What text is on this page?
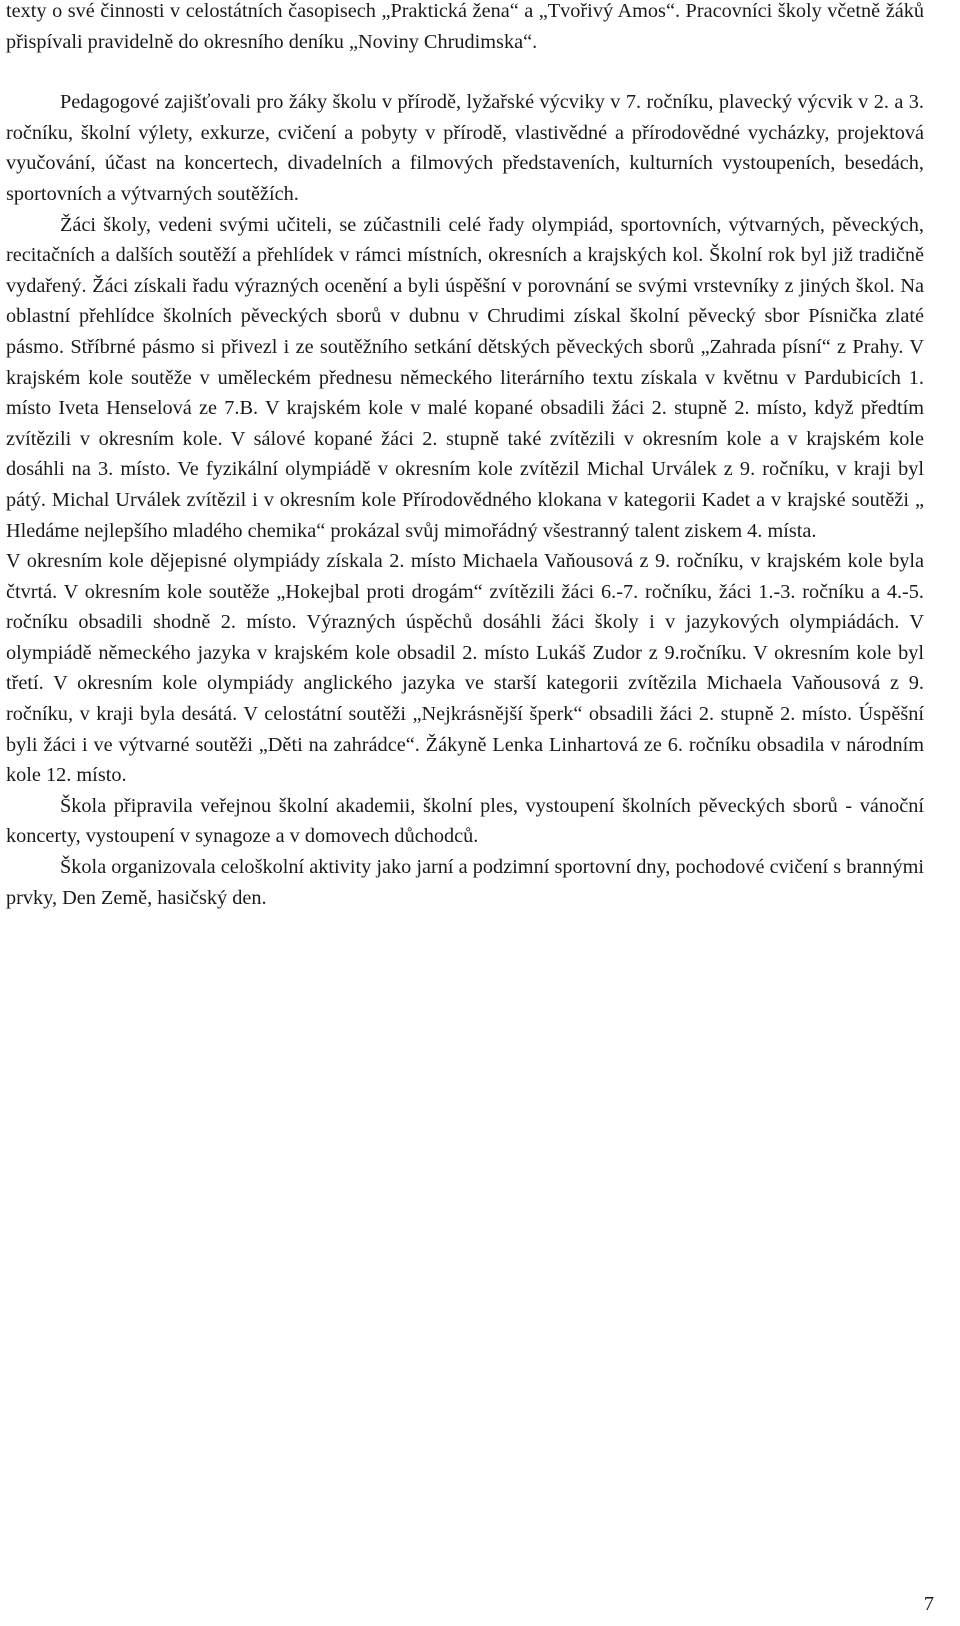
texty o své činnosti v celostátních časopisech „Praktická žena“ a „Tvořivý Amos“. Pracovníci školy včetně žáků přispívali pravidelně do okresního deníku „Noviny Chrudimska“.

Pedagogové zajišťovali pro žáky školu v přírodě, lyžařské výcviky v 7. ročníku, plavecký výcvik v 2. a 3. ročníku, školní výlety, exkurze, cvičení a pobyty v přírodě, vlastivědné a přírodovědné vycházky, projektová vyučování, účast na koncertech, divadelních a filmových představeních, kulturních vystoupeních, besedách, sportovních a výtvarných soutěžích.

Žáci školy, vedeni svými učiteli, se zúčastnili celé řady olympiád, sportovních, výtvarných, pěveckých, recitačních a dalších soutěží a přehlídek v rámci místních, okresních a krajských kol. Školní rok byl již tradičně vydařený. Žáci získali řadu výrazných ocenění a byli úspěšní v porovnání se svými vrstevníky z jiných škol. Na oblastní přehlídce školních pěveckých sborů v dubnu v Chrudimi získal školní pěvecký sbor Písnička zlaté pásmo. Stříbrné pásmo si přivezl i ze soutěžního setkání dětských pěveckých sborů „Zahrada písní“ z Prahy. V krajském kole soutěže v uměleckém přednesu německého literárního textu získala v květnu v Pardubicích 1. místo Iveta Henselová ze 7.B. V krajském kole v malé kopané obsadili žáci 2. stupně 2. místo, když předtím zvítězili v okresním kole. V sálové kopané žáci 2. stupně také zvítězili v okresním kole a v krajském kole dosáhli na 3. místo. Ve fyzikální olympiádě v okresním kole zvítězil Michal Urválek z 9. ročníku, v kraji byl pátý. Michal Urválek zvítězil i v okresním kole Přírodovědného klokana v kategorii Kadet a v krajské soutěži „ Hledáme nejlepšího mladého chemika“ prokázal svůj mimořádný všestranný talent ziskem 4. místa.

V okresním kole dějepisné olympiády získala 2. místo Michaela Vaňousová z 9. ročníku, v krajském kole byla čtvrtá. V okresním kole soutěže „Hokejbal proti drogám“ zvítězili žáci 6.-7. ročníku, žáci 1.-3. ročníku a 4.-5. ročníku obsadili shodně 2. místo. Výrazných úspěchů dosáhli žáci školy i v jazykových olympiádách. V olympiádě německého jazyka v krajském kole obsadil 2. místo Lukáš Zudor z 9.ročníku. V okresním kole byl třetí. V okresním kole olympiády anglického jazyka ve starší kategorii zvítězila Michaela Vaňousová z 9. ročníku, v kraji byla desátá. V celostátní soutěži „Nejkrásnější šperk“ obsadili žáci 2. stupně 2. místo. Úspěšní byli žáci i ve výtvarné soutěži „Děti na zahrádce“. Žákyně Lenka Linhartová ze 6. ročníku obsadila v národním kole 12. místo.

Škola připravila veřejnou školní akademii, školní ples, vystoupení školních pěveckých sborů - vánoční koncerty, vystoupení v synagoze a v domovech důchodců.

Škola organizovala celoškolní aktivity jako jarní a podzimní sportovní dny, pochodové cvičení s brannými prvky, Den Země, hasičský den.

7
